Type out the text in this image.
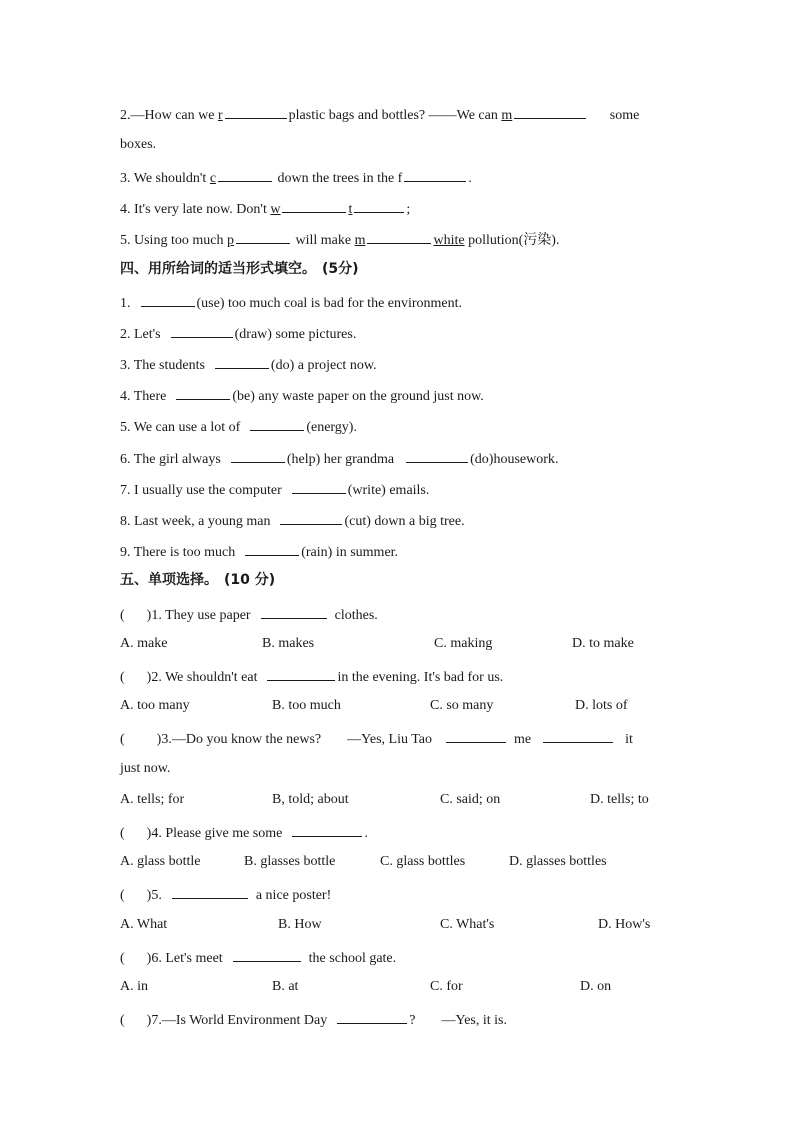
2.—How can we r	plastic bags and bottles? ——We can m	some
boxes.
3. We shouldn't c	down the trees in the f	.
4. It's very late now. Don't w	t	;
5. Using too much p	will make m	white pollution(污染).
四、用所给词的适当形式填空。 (5分)
1.	(use) too much coal is bad for the environment.
2. Let's	(draw) some pictures.
3. The students	(do) a project now.
4. There	(be) any waste paper on the ground just now.
5. We can use a lot of	(energy).
6. The girl always	(help) her grandma	(do)housework.
7. I usually use the computer	(write) emails.
8. Last week, a young man	(cut) down a big tree.
9. There is too much	(rain) in summer.
五、单项选择。 (10 分)
( )1. They use paper	clothes.
A. make	B. makes	C. making	D. to make
( )2. We shouldn't eat	in the evening. It's bad for us.
A. too many	B. too much	C. so many	D. lots of
( )3.—Do you know the news? —Yes, Liu Tao	me	it
just now.
A. tells; for	B, told; about	C. said; on	D. tells; to
( )4. Please give me some	.
A. glass bottle	B. glasses bottle	C. glass bottles	D. glasses bottles
( )5.	a nice poster!
A. What	B. How	C. What's	D. How's
( )6. Let's meet	the school gate.
A. in	B. at	C. for	D. on
( )7.—Is World Environment Day	? —Yes, it is.
